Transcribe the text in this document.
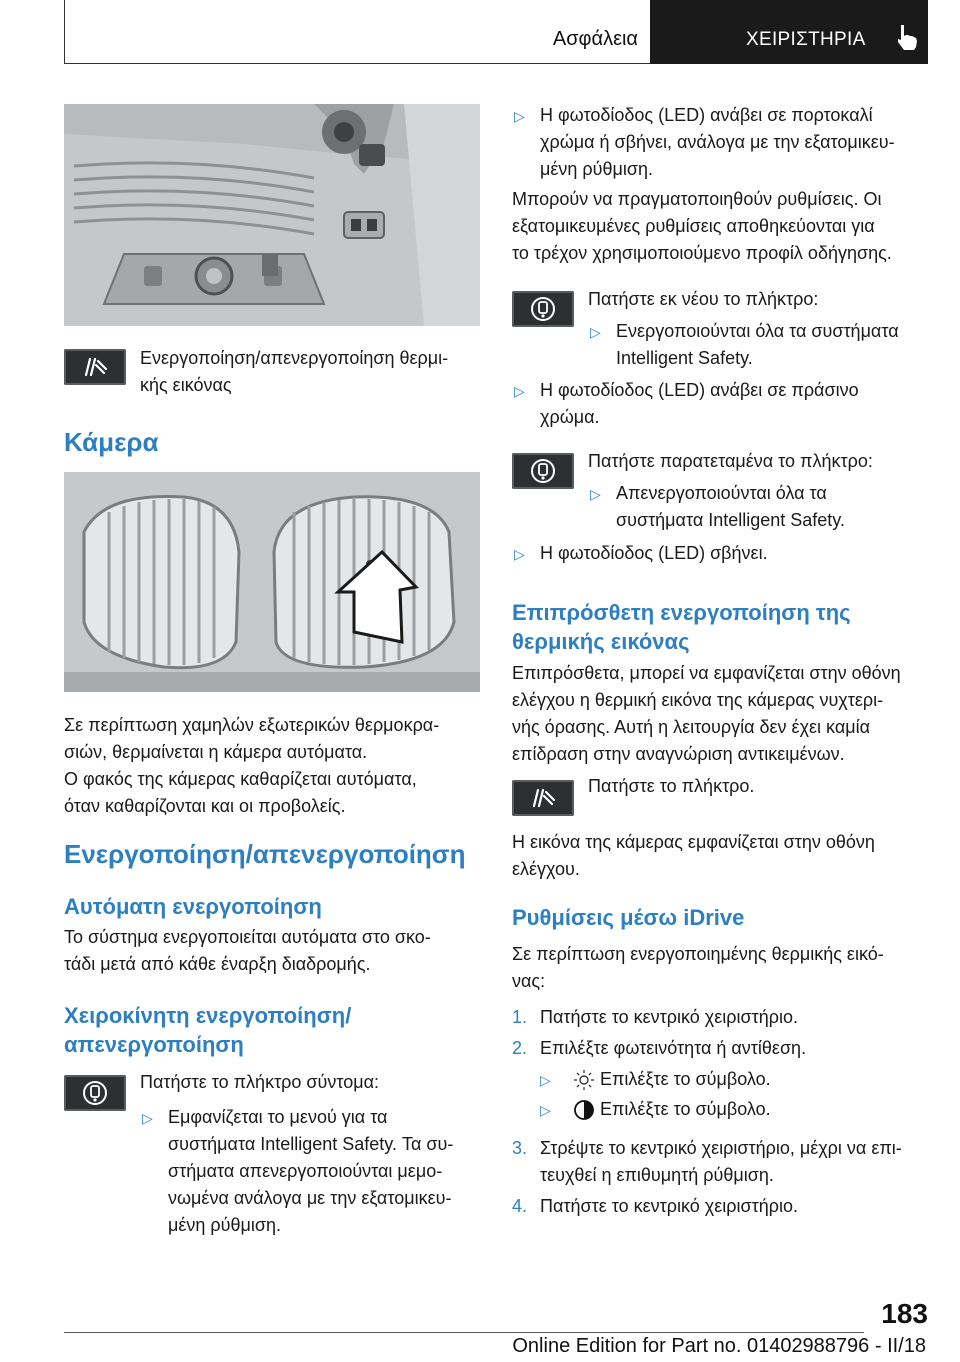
Ασφάλεια	ΧΕΙΡΙΣΤΗΡΙΑ
Ενεργοποίηση/απενεργοποίηση θερμι-
κής εικόνας
Κάμερα
Σε περίπτωση χαμηλών εξωτερικών θερμοκρα-
σιών, θερμαίνεται η κάμερα αυτόματα.
Ο φακός της κάμερας καθαρίζεται αυτόματα,
όταν καθαρίζονται και οι προβολείς.
Ενεργοποίηση/απενεργοποίηση
Αυτόματη ενεργοποίηση
Το σύστημα ενεργοποιείται αυτόματα στο σκο-
τάδι μετά από κάθε έναρξη διαδρομής.
Χειροκίνητη ενεργοποίηση/
απενεργοποίηση
Πατήστε το πλήκτρο σύντομα:
▷ Εμφανίζεται το μενού για τα
συστήματα Intelligent Safety. Τα συ-
στήματα απενεργοποιούνται μεμο-
νωμένα ανάλογα με την εξατομικευ-
μένη ρύθμιση.
▷ Η φωτοδίοδος (LED) ανάβει σε πορτοκαλί
χρώμα ή σβήνει, ανάλογα με την εξατομικευ-
μένη ρύθμιση.
Μπορούν να πραγματοποιηθούν ρυθμίσεις. Οι
εξατομικευμένες ρυθμίσεις αποθηκεύονται για
το τρέχον χρησιμοποιούμενο προφίλ οδήγησης.
Πατήστε εκ νέου το πλήκτρο:
▷ Ενεργοποιούνται όλα τα συστήματα
Intelligent Safety.
▷ Η φωτοδίοδος (LED) ανάβει σε πράσινο
χρώμα.
Πατήστε παρατεταμένα το πλήκτρο:
▷ Απενεργοποιούνται όλα τα
συστήματα Intelligent Safety.
▷ Η φωτοδίοδος (LED) σβήνει.
Επιπρόσθετη ενεργοποίηση της
θερμικής εικόνας
Επιπρόσθετα, μπορεί να εμφανίζεται στην οθόνη
ελέγχου η θερμική εικόνα της κάμερας νυχτερι-
νής όρασης. Αυτή η λειτουργία δεν έχει καμία
επίδραση στην αναγνώριση αντικειμένων.
Πατήστε το πλήκτρο.
Η εικόνα της κάμερας εμφανίζεται στην οθόνη
ελέγχου.
Ρυθμίσεις μέσω iDrive
Σε περίπτωση ενεργοποιημένης θερμικής εικό-
νας:
1. Πατήστε το κεντρικό χειριστήριο.
2. Επιλέξτε φωτεινότητα ή αντίθεση.
▷	Επιλέξτε το σύμβολο.
▷	Επιλέξτε το σύμβολο.
3. Στρέψτε το κεντρικό χειριστήριο, μέχρι να επι-
τευχθεί η επιθυμητή ρύθμιση.
4. Πατήστε το κεντρικό χειριστήριο.
183
Online Edition for Part no. 01402988796 - II/18
